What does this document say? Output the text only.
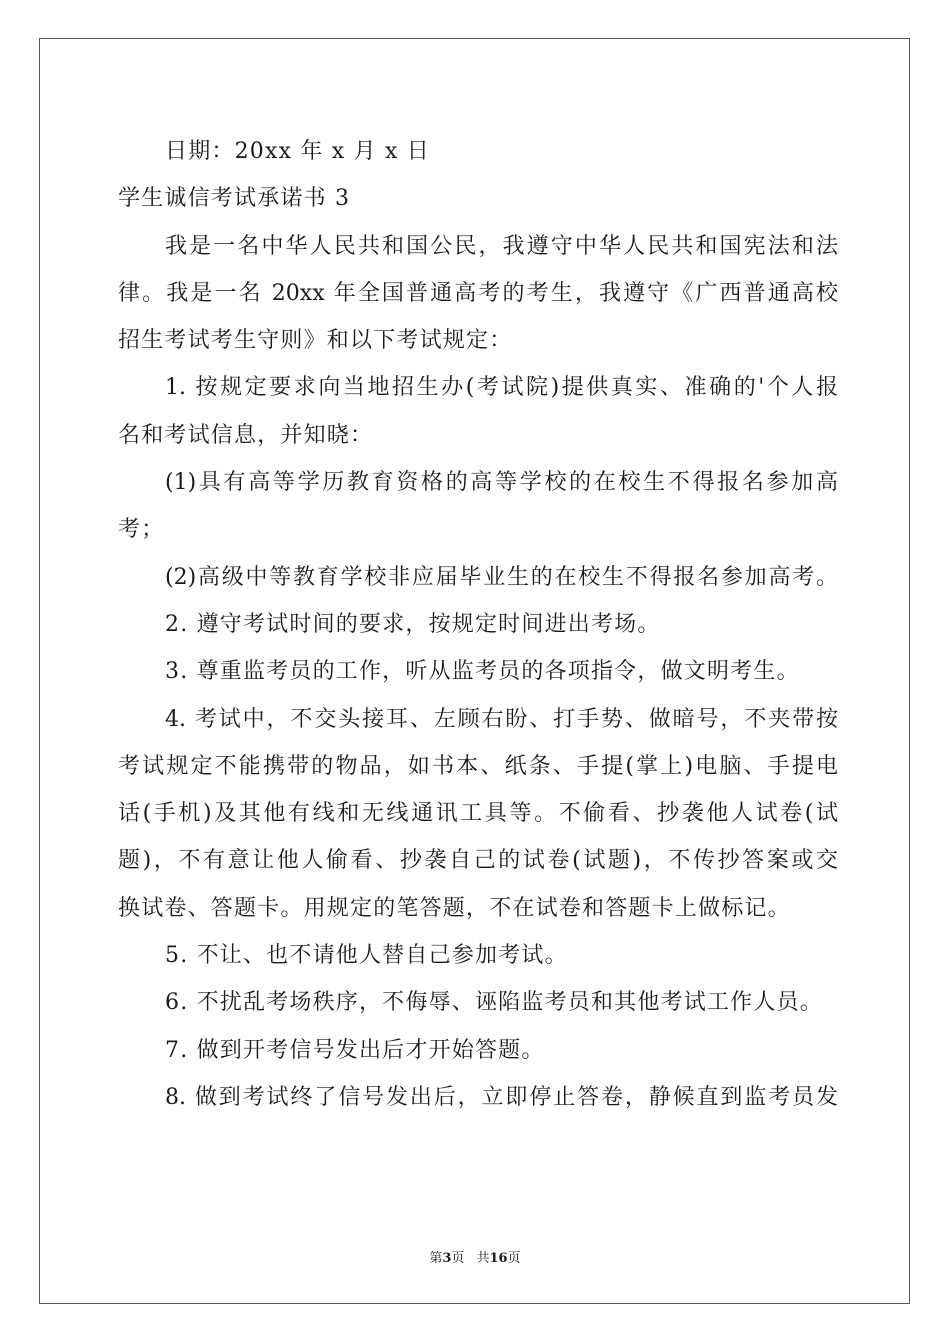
日期：20xx 年 x 月 x 日
学生诚信考试承诺书 3
我是一名中华人民共和国公民，我遵守中华人民共和国宪法和法
律。我是一名 20xx 年全国普通高考的考生，我遵守《广西普通高校
招生考试考生守则》和以下考试规定：
1. 按规定要求向当地招生办(考试院)提供真实、准确的'个人报
名和考试信息，并知晓：
(1)具有高等学历教育资格的高等学校的在校生不得报名参加高
考；
(2)高级中等教育学校非应届毕业生的在校生不得报名参加高考。
2. 遵守考试时间的要求，按规定时间进出考场。
3. 尊重监考员的工作，听从监考员的各项指令，做文明考生。
4. 考试中，不交头接耳、左顾右盼、打手势、做暗号，不夹带按
考试规定不能携带的物品，如书本、纸条、手提(掌上)电脑、手提电
话(手机)及其他有线和无线通讯工具等。不偷看、抄袭他人试卷(试
题)，不有意让他人偷看、抄袭自己的试卷(试题)，不传抄答案或交
换试卷、答题卡。用规定的笔答题，不在试卷和答题卡上做标记。
5. 不让、也不请他人替自己参加考试。
6. 不扰乱考场秩序，不侮辱、诬陷监考员和其他考试工作人员。
7. 做到开考信号发出后才开始答题。
8. 做到考试终了信号发出后，立即停止答卷，静候直到监考员发
第3页 共16页
